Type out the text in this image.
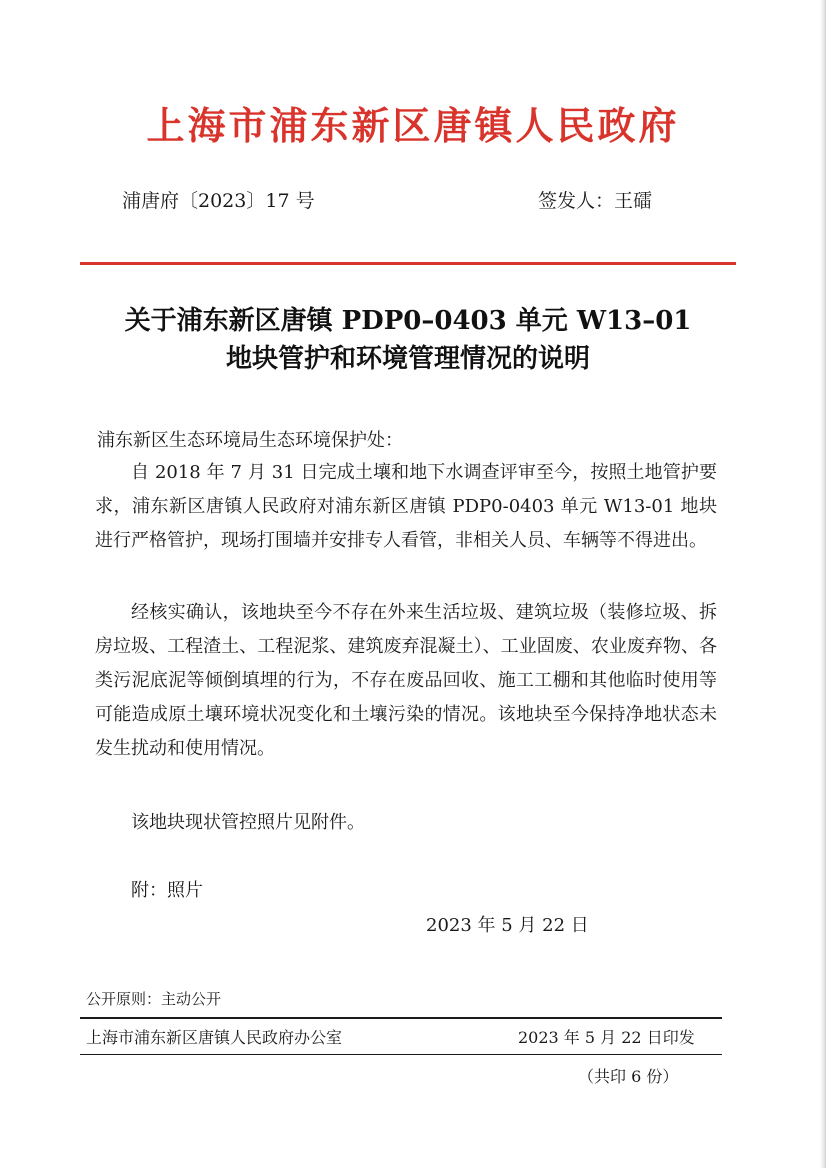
上海市浦东新区唐镇人民政府
浦唐府〔2023〕17 号	签发人：王礌
关于浦东新区唐镇 PDP0–0403 单元 W13–01
地块管护和环境管理情况的说明
浦东新区生态环境局生态环境保护处：
自 2018 年 7 月 31 日完成土壤和地下水调查评审至今，按照土地管护要求，浦东新区唐镇人民政府对浦东新区唐镇 PDP0-0403 单元 W13-01 地块进行严格管护，现场打围墙并安排专人看管，非相关人员、车辆等不得进出。
经核实确认，该地块至今不存在外来生活垃圾、建筑垃圾（装修垃圾、拆房垃圾、工程渣土、工程泥浆、建筑废弃混凝土）、工业固废、农业废弃物、各类污泥底泥等倾倒填埋的行为，不存在废品回收、施工工棚和其他临时使用等可能造成原土壤环境状况变化和土壤污染的情况。该地块至今保持净地状态未发生扰动和使用情况。
该地块现状管控照片见附件。
附：照片
2023 年 5 月 22 日
公开原则：主动公开
上海市浦东新区唐镇人民政府办公室	2023 年 5 月 22 日印发
（共印 6 份）
